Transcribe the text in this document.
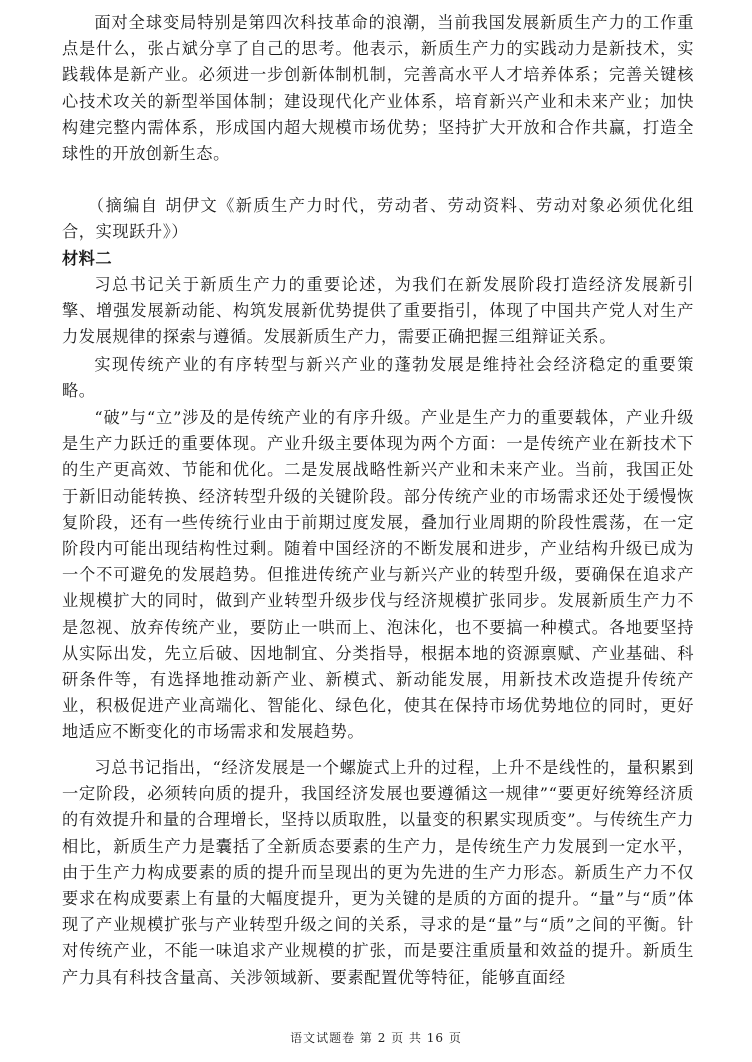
面对全球变局特别是第四次科技革命的浪潮，当前我国发展新质生产力的工作重点是什么，张占斌分享了自己的思考。他表示，新质生产力的实践动力是新技术，实践载体是新产业。必须进一步创新体制机制，完善高水平人才培养体系；完善关键核心技术攻关的新型举国体制；建设现代化产业体系，培育新兴产业和未来产业；加快构建完整内需体系，形成国内超大规模市场优势；坚持扩大开放和合作共赢，打造全球性的开放创新生态。

（摘编自 胡伊文《新质生产力时代，劳动者、劳动资料、劳动对象必须优化组合，实现跃升》）

材料二

习总书记关于新质生产力的重要论述，为我们在新发展阶段打造经济发展新引擎、增强发展新动能、构筑发展新优势提供了重要指引，体现了中国共产党人对生产力发展规律的探索与遵循。发展新质生产力，需要正确把握三组辩证关系。

实现传统产业的有序转型与新兴产业的蓬勃发展是维持社会经济稳定的重要策略。

“破”与“立”涉及的是传统产业的有序升级。产业是生产力的重要载体，产业升级是生产力跃迁的重要体现。产业升级主要体现为两个方面：一是传统产业在新技术下的生产更高效、节能和优化。二是发展战略性新兴产业和未来产业。当前，我国正处于新旧动能转换、经济转型升级的关键阶段。部分传统产业的市场需求还处于缓慢恢复阶段，还有一些传统行业由于前期过度发展，叠加行业周期的阶段性震荡，在一定阶段内可能出现结构性过剩。随着中国经济的不断发展和进步，产业结构升级已成为一个不可避免的发展趋势。但推进传统产业与新兴产业的转型升级，要确保在追求产业规模扩大的同时，做到产业转型升级步伐与经济规模扩张同步。发展新质生产力不是忽视、放弃传统产业，要防止一哄而上、泡沫化，也不要搞一种模式。各地要坚持从实际出发，先立后破、因地制宜、分类指导，根据本地的资源禀赋、产业基础、科研条件等，有选择地推动新产业、新模式、新动能发展，用新技术改造提升传统产业，积极促进产业高端化、智能化、绿色化，使其在保持市场优势地位的同时，更好地适应不断变化的市场需求和发展趋势。

习总书记指出，“经济发展是一个螺旋式上升的过程，上升不是线性的，量积累到一定阶段，必须转向质的提升，我国经济发展也要遵循这一规律”“要更好统筹经济质的有效提升和量的合理增长，坚持以质取胜，以量变的积累实现质变”。与传统生产力相比，新质生产力是囊括了全新质态要素的生产力，是传统生产力发展到一定水平，由于生产力构成要素的质的提升而呈现出的更为先进的生产力形态。新质生产力不仅要求在构成要素上有量的大幅度提升，更为关键的是质的方面的提升。“量”与“质”体现了产业规模扩张与产业转型升级之间的关系，寻求的是“量”与“质”之间的平衡。针对传统产业，不能一味追求产业规模的扩张，而是要注重质量和效益的提升。新质生产力具有科技含量高、关涉领域新、要素配置优等特征，能够直面经

语文试题卷 第 2 页 共 16 页
